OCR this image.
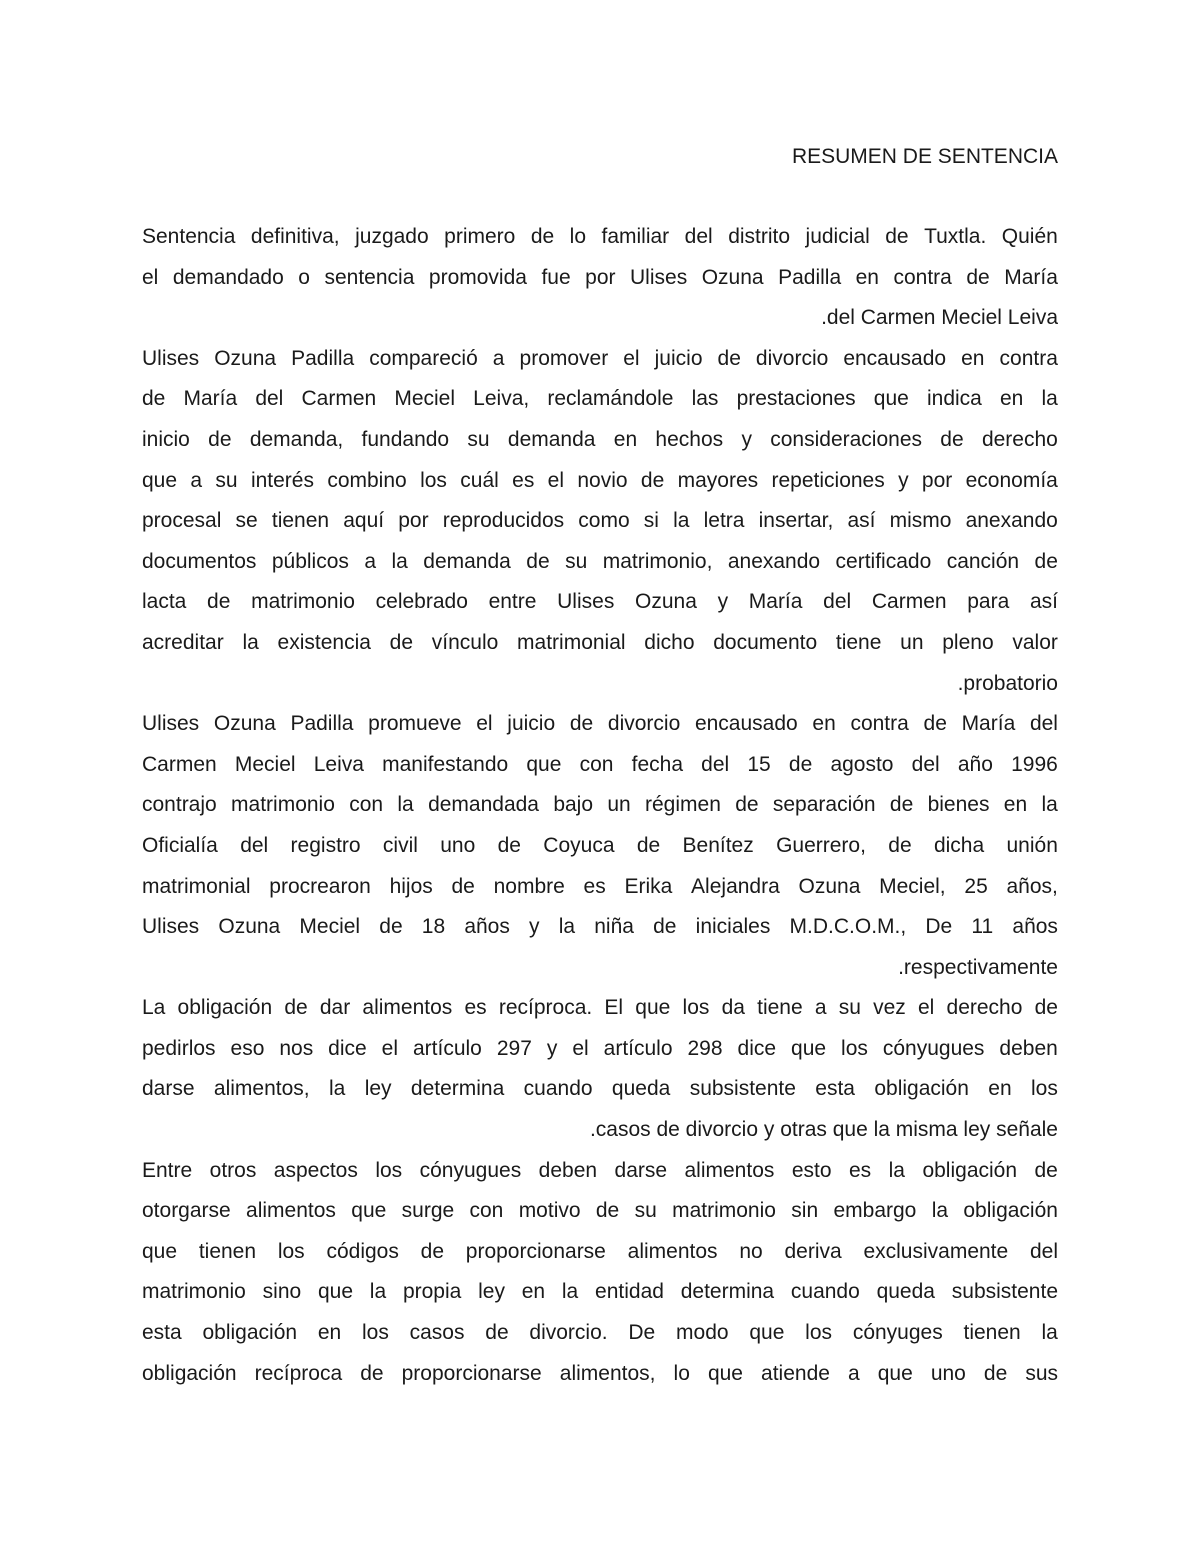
RESUMEN DE SENTENCIA
Sentencia definitiva, juzgado primero de lo familiar del distrito judicial de Tuxtla. Quién
el demandado o sentencia promovida fue por Ulises Ozuna Padilla en contra de María
.del Carmen Meciel Leiva
Ulises Ozuna Padilla compareció a promover el juicio de divorcio encausado en contra
de María del Carmen Meciel Leiva, reclamándole las prestaciones que indica en la
inicio de demanda, fundando su demanda en hechos y consideraciones de derecho
que a su interés combino los cuál es el novio de mayores repeticiones y por economía
procesal se tienen aquí por reproducidos como si la letra insertar, así mismo anexando
documentos públicos a la demanda de su matrimonio, anexando certificado canción de
lacta de matrimonio celebrado entre Ulises Ozuna y María del Carmen para así
acreditar la existencia de vínculo matrimonial dicho documento tiene un pleno valor
.probatorio
Ulises Ozuna Padilla promueve el juicio de divorcio encausado en contra de María del
Carmen Meciel Leiva manifestando que con fecha del 15 de agosto del año 1996
contrajo matrimonio con la demandada bajo un régimen de separación de bienes en la
Oficialía del registro civil uno de Coyuca de Benítez Guerrero, de dicha unión
matrimonial procrearon hijos de nombre es Erika Alejandra Ozuna Meciel, 25 años,
Ulises Ozuna Meciel de 18 años y la niña de iniciales M.D.C.O.M., De 11 años
.respectivamente
La obligación de dar alimentos es recíproca. El que los da tiene a su vez el derecho de
pedirlos eso nos dice el artículo 297 y el artículo 298 dice que los cónyugues deben
darse alimentos, la ley determina cuando queda subsistente esta obligación en los
.casos de divorcio y otras que la misma ley señale
Entre otros aspectos los cónyugues deben darse alimentos esto es la obligación de
otorgarse alimentos que surge con motivo de su matrimonio sin embargo la obligación
que tienen los códigos de proporcionarse alimentos no deriva exclusivamente del
matrimonio sino que la propia ley en la entidad determina cuando queda subsistente
esta obligación en los casos de divorcio. De modo que los cónyuges tienen la
obligación recíproca de proporcionarse alimentos, lo que atiende a que uno de sus
